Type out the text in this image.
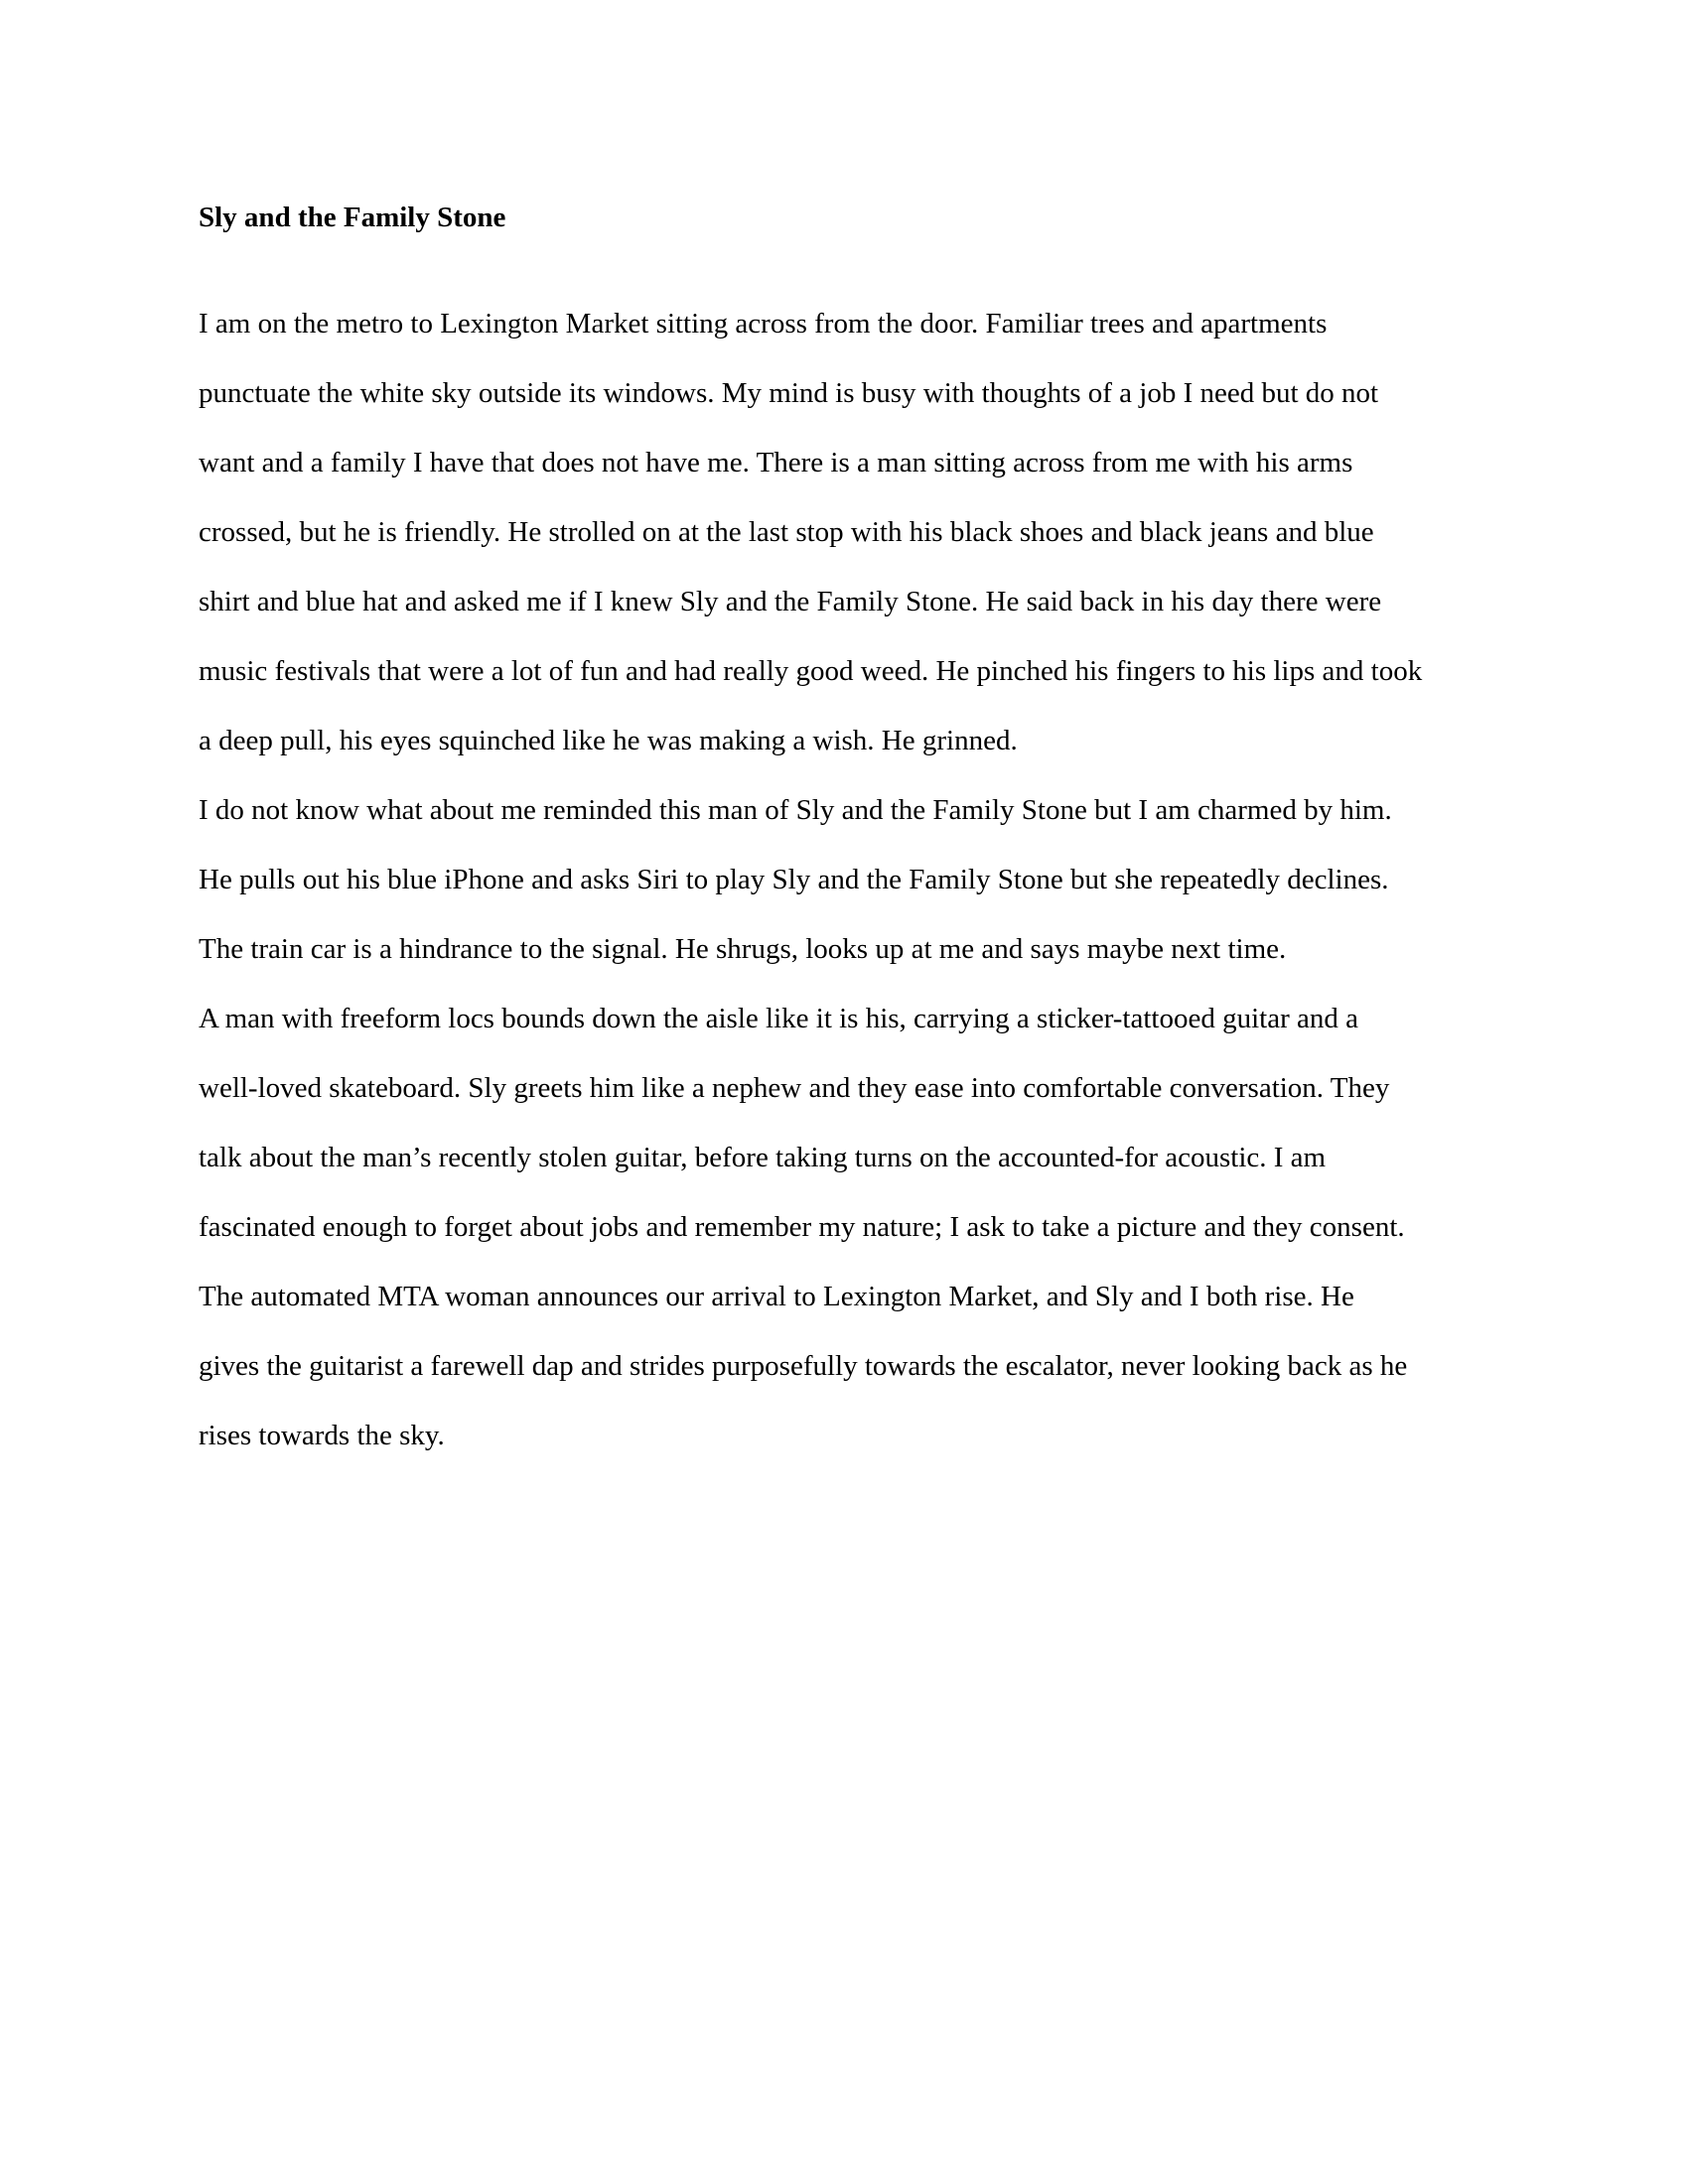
Sly and the Family Stone
I am on the metro to Lexington Market sitting across from the door. Familiar trees and apartments
punctuate the white sky outside its windows. My mind is busy with thoughts of a job I need but do not
want and a family I have that does not have me. There is a man sitting across from me with his arms
crossed, but he is friendly. He strolled on at the last stop with his black shoes and black jeans and blue
shirt and blue hat and asked me if I knew Sly and the Family Stone. He said back in his day there were
music festivals that were a lot of fun and had really good weed. He pinched his fingers to his lips and took
a deep pull, his eyes squinched like he was making a wish. He grinned.
I do not know what about me reminded this man of Sly and the Family Stone but I am charmed by him.
He pulls out his blue iPhone and asks Siri to play Sly and the Family Stone but she repeatedly declines.
The train car is a hindrance to the signal. He shrugs, looks up at me and says maybe next time.
A man with freeform locs bounds down the aisle like it is his, carrying a sticker-tattooed guitar and a
well-loved skateboard. Sly greets him like a nephew and they ease into comfortable conversation. They
talk about the man’s recently stolen guitar, before taking turns on the accounted-for acoustic. I am
fascinated enough to forget about jobs and remember my nature; I ask to take a picture and they consent.
The automated MTA woman announces our arrival to Lexington Market, and Sly and I both rise. He
gives the guitarist a farewell dap and strides purposefully towards the escalator, never looking back as he
rises towards the sky.
